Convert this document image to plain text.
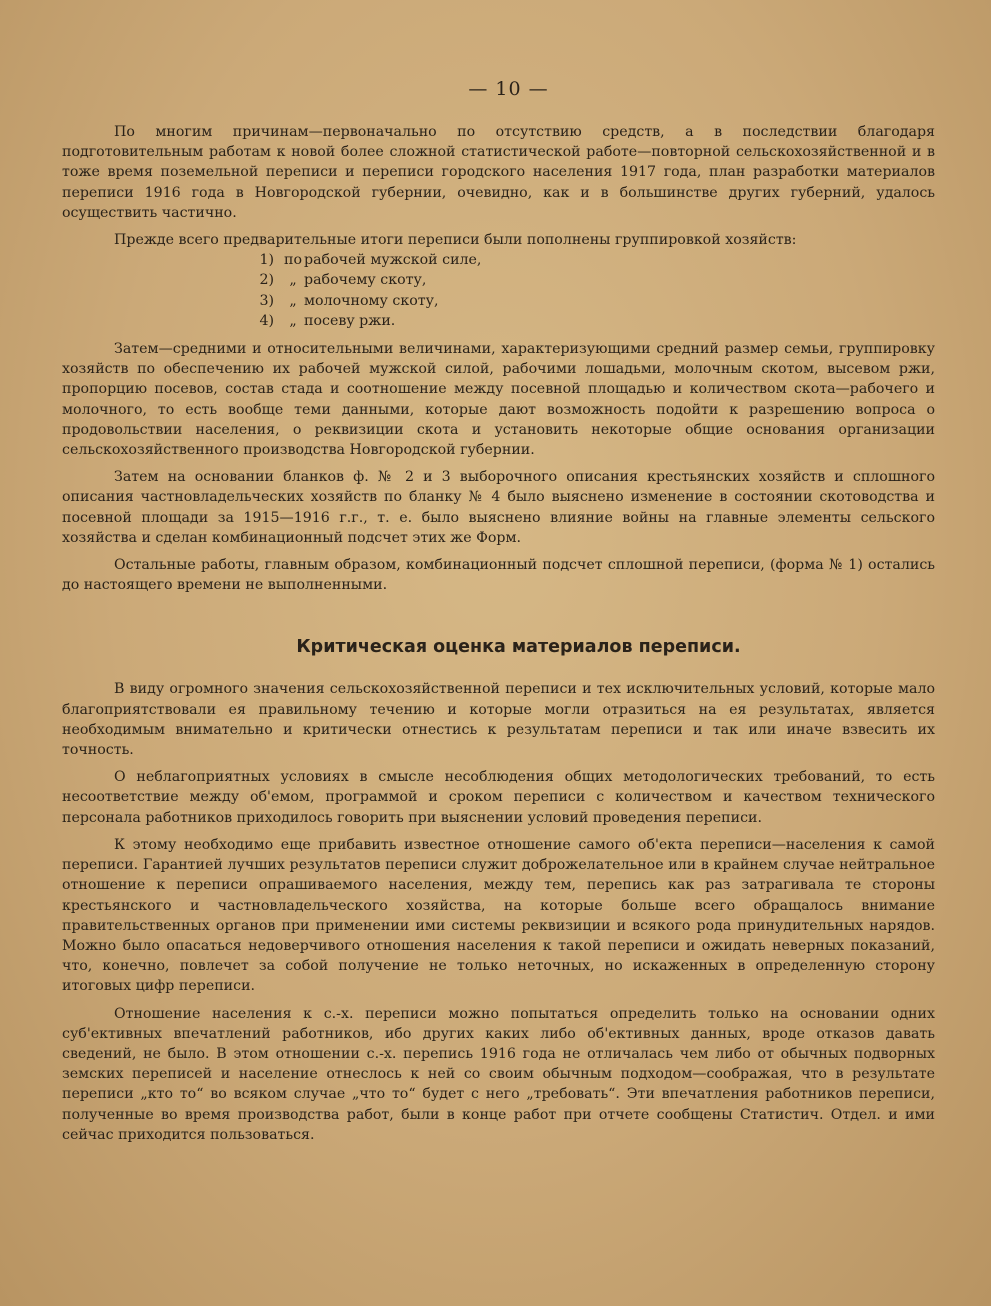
— 10 —

По многим причинам—первоначально по отсутствию средств, а в последствии благодаря подготовительным работам к новой более сложной статистической работе—повторной сельскохозяйственной и в тоже время поземельной переписи и переписи городского населения 1917 года, план разработки материалов переписи 1916 года в Новгородской губернии, очевидно, как и в большинстве других губерний, удалось осуществить частично.

Прежде всего предварительные итоги переписи были пополнены группировкой хозяйств:

1) по рабочей мужской силе,
2)	„ рабочему скоту,
3)	„ молочному скоту,
4)	„ посеву ржи.

Затем—средними и относительными величинами, характеризующими средний размер семьи, группировку хозяйств по обеспечению их рабочей мужской силой, рабочими лошадьми, молочным скотом, высевом ржи, пропорцию посевов, состав стада и соотношение между посевной площадью и количеством скота—рабочего и молочного, то есть вообще теми данными, которые дают возможность подойти к разрешению вопроса о продовольствии населения, о реквизиции скота и установить некоторые общие основания организации сельскохозяйственного производства Новгородской губернии.

Затем на основании бланков ф. № 2 и 3 выборочного описания крестьянских хозяйств и сплошного описания частновладельческих хозяйств по бланку № 4 было выяснено изменение в состоянии скотоводства и посевной площади за 1915—1916 г.г., т. е. было выяснено влияние войны на главные элементы сельского хозяйства и сделан комбинационный подсчет этих же Форм.

Остальные работы, главным образом, комбинационный подсчет сплошной переписи, (форма № 1) остались до настоящего времени не выполненными.

Критическая оценка материалов переписи.

В виду огромного значения сельскохозяйственной переписи и тех исключительных условий, которые мало благоприятствовали ея правильному течению и которые могли отразиться на ея результатах, является необходимым внимательно и критически отнестись к результатам переписи и так или иначе взвесить их точность.

О неблагоприятных условиях в смысле несоблюдения общих методологических требований, то есть несоответствие между об'емом, программой и сроком переписи с количеством и качеством технического персонала работников приходилось говорить при выяснении условий проведения переписи.

К этому необходимо еще прибавить известное отношение самого об'екта переписи—населения к самой переписи. Гарантией лучших результатов переписи служит доброжелательное или в крайнем случае нейтральное отношение к переписи опрашиваемого населения, между тем, перепись как раз затрагивала те стороны крестьянского и частновладельческого хозяйства, на которые больше всего обращалось внимание правительственных органов при применении ими системы реквизиции и всякого рода принудительных нарядов. Можно было опасаться недоверчивого отношения населения к такой переписи и ожидать неверных показаний, что, конечно, повлечет за собой получение не только неточных, но искаженных в определенную сторону итоговых цифр переписи.

Отношение населения к с.-х. переписи можно попытаться определить только на основании одних суб'ективных впечатлений работников, ибо других каких либо об'ективных данных, вроде отказов давать сведений, не было. В этом отношении с.-х. перепись 1916 года не отличалась чем либо от обычных подворных земских переписей и население отнеслось к ней со своим обычным подходом—соображая, что в результате переписи „кто то“ во всяком случае „что то“ будет с него „требовать“. Эти впечатления работников переписи, полученные во время производства работ, были в конце работ при отчете сообщены Статистич. Отдел. и ими сейчас приходится пользоваться.
